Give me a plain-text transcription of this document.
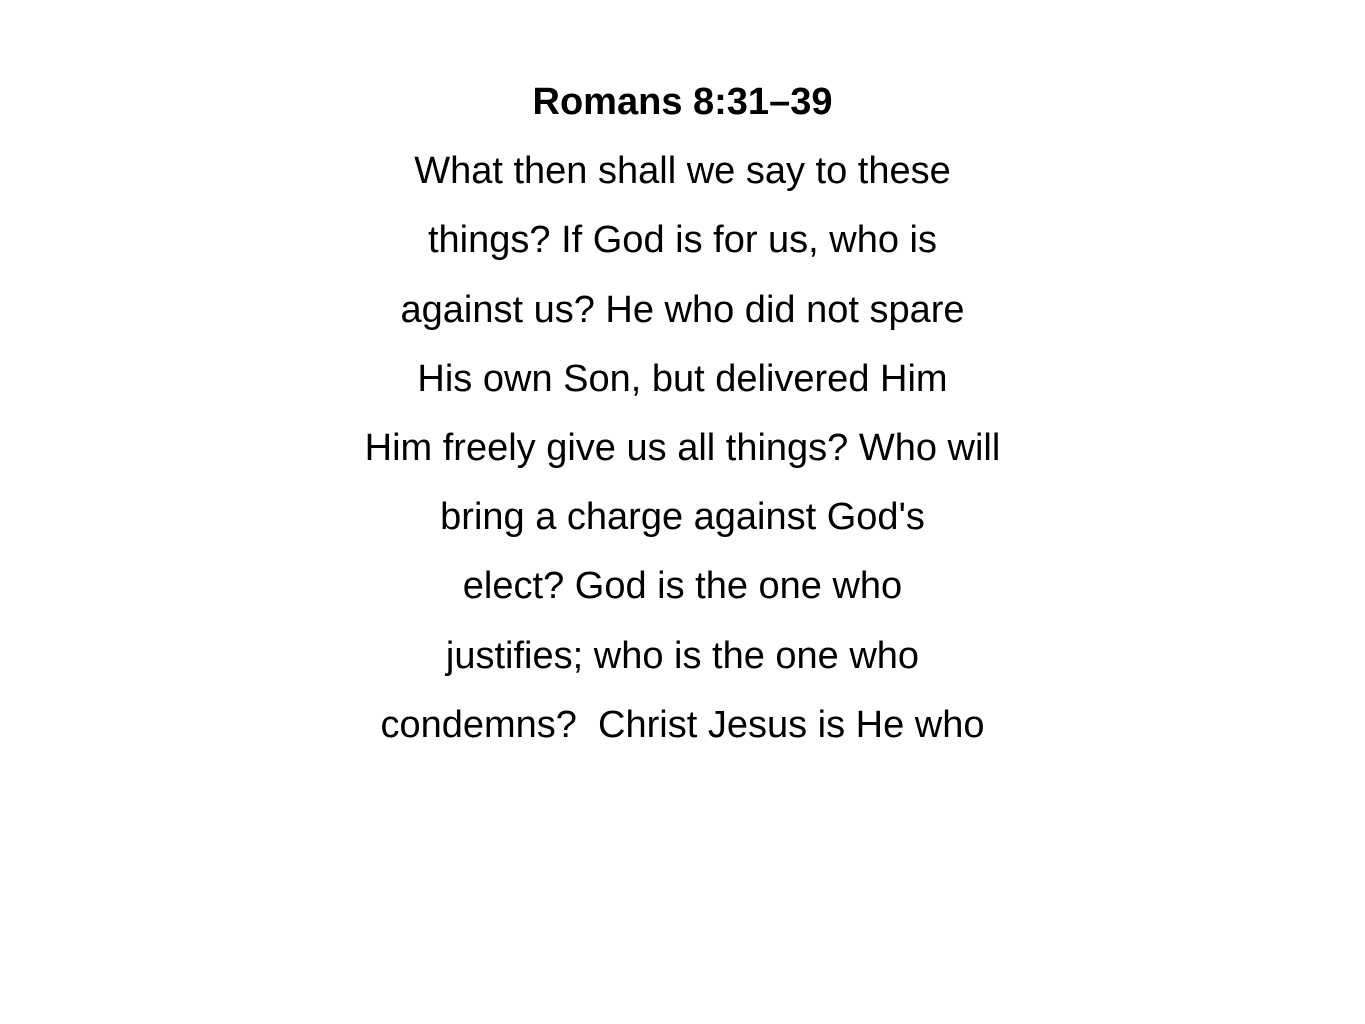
Romans 8:31–39
What then shall we say to these
things? If God is for us, who is
against us? He who did not spare
His own Son, but delivered Him
Him freely give us all things? Who will
bring a charge against God's
elect? God is the one who
justifies; who is the one who
condemns?  Christ Jesus is He who
